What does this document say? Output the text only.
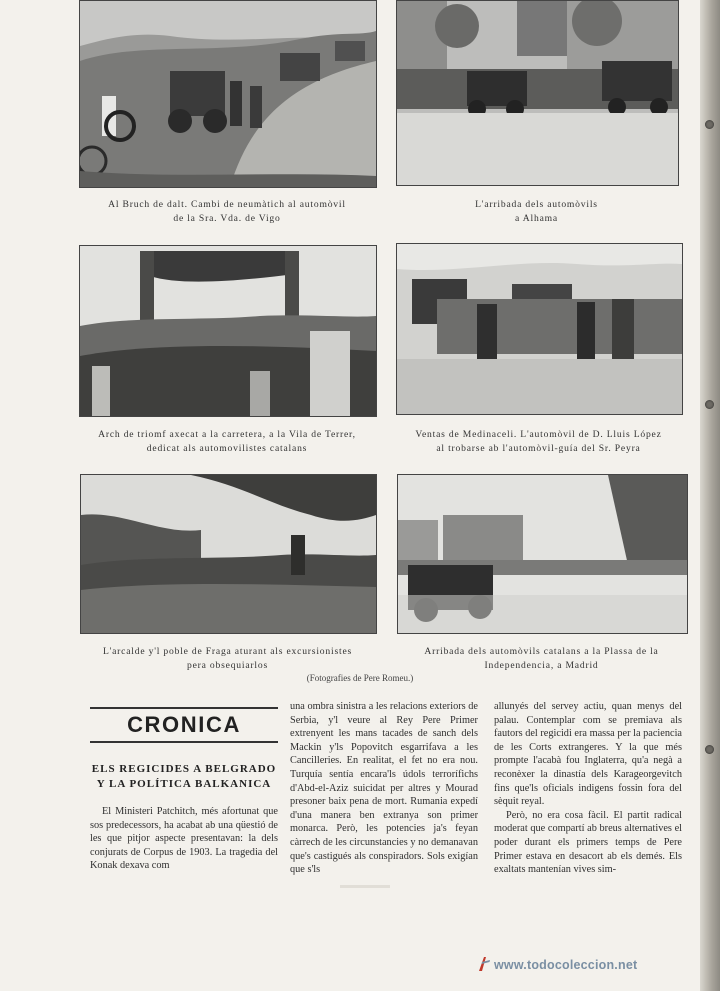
Al Bruch de dalt. Cambi de neumàtich al automòvil
de la Sra. Vda. de Vigo
L'arribada dels automòvils
a Alhama
Arch de triomf axecat a la carretera, a la Vila de Terrer,
dedicat als automovilistes catalans
Ventas de Medinaceli. L'automòvil de D. Lluis López
al trobarse ab l'automòvil-guía del Sr. Peyra
L'arcalde y'l poble de Fraga aturant als excursionistes
pera obsequiarlos
Arribada dels automòvils catalans a la Plassa de la
Independencia, a Madrid
(Fotografies de Pere Romeu.)
CRONICA
ELS REGICIDES A BELGRADO
Y LA POLÍTICA BALKANICA

El Ministeri Patchitch, més afortunat que sos predecessors, ha acabat ab una qüestió de les que pitjor aspecte presentavan: la dels conjurats de Corpus de 1903. La tragedia del Konak dexava com

una ombra sinistra a les relacions exteriors de Serbia, y'l veure al Rey Pere Primer extrenyent les mans tacades de sanch dels Mackin y'ls Popovitch esgarrifava a les Cancilleries. En realitat, el fet no era nou. Turquía sentía encara'ls údols terrorífichs d'Abd-el-Aziz suicidat per altres y Mourad presoner baix pena de mort. Rumania expedí d'una manera ben extranya son primer monarca. Però, les potencies ja's feyan càrrech de les circunstancies y no demanavan que's castigués als conspiradors. Sols exigían que s'ls

allunyés del servey actiu, quan menys del palau. Contemplar com se premiava als fautors del regicidi era massa per la paciencia de les Corts extrangeres. Y la que més prompte l'acabà fou Inglaterra, qu'a negà a reconèxer la dinastía dels Karageorgevitch fins que'ls oficials indigens fossin fora del sèquit reyal.

Però, no era cosa fàcil. El partit radical moderat que compartí ab breus alternatives el poder durant els primers temps de Pere Primer estava en desacort ab els demés. Els exaltats mantenían vives sim-

www.todocoleccion.net
